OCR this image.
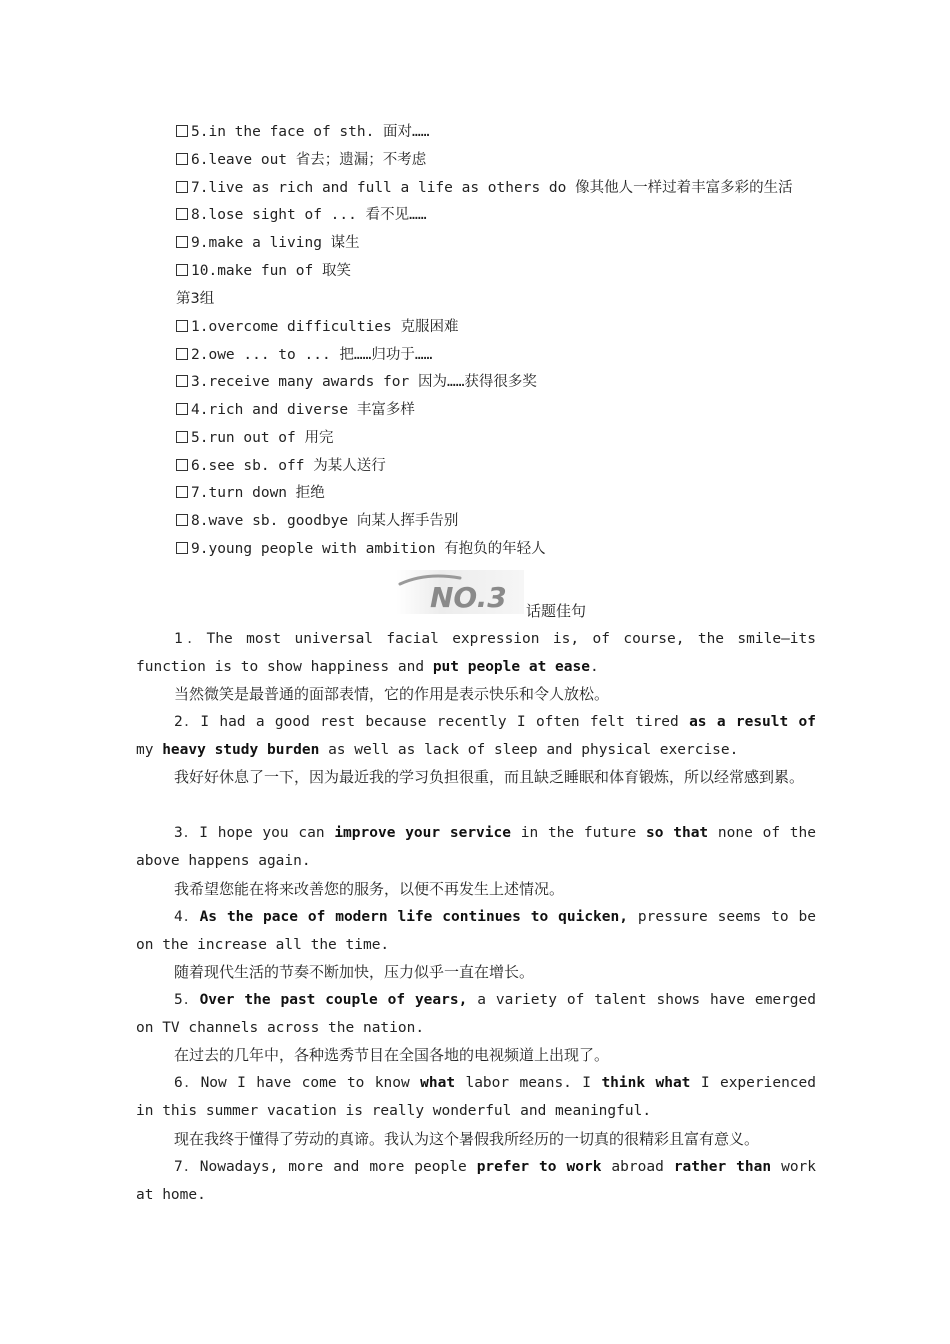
5.in the face of sth. 面对……
6.leave out 省去；遗漏；不考虑
7.live as rich and full a life as others do 像其他人一样过着丰富多彩的生活
8.lose sight of ... 看不见……
9.make a living 谋生
10.make fun of 取笑
第3组
1.overcome difficulties 克服困难
2.owe ... to ... 把……归功于……
3.receive many awards for 因为……获得很多奖
4.rich and diverse 丰富多样
5.run out of 用完
6.see sb. off 为某人送行
7.turn down 拒绝
8.wave sb. goodbye 向某人挥手告别
9.young people with ambition 有抱负的年轻人
NO.3 话题佳句
1．The most universal facial expression is, of course, the smile—its function is to show happiness and put people at ease.
当然微笑是最普通的面部表情，它的作用是表示快乐和令人放松。
2．I had a good rest because recently I often felt tired as a result of my heavy study burden as well as lack of sleep and physical exercise.
我好好休息了一下，因为最近我的学习负担很重，而且缺乏睡眠和体育锻炼，所以经常感到累。
3．I hope you can improve your service in the future so that none of the above happens again.
我希望您能在将来改善您的服务，以便不再发生上述情况。
4．As the pace of modern life continues to quicken, pressure seems to be on the increase all the time.
随着现代生活的节奏不断加快，压力似乎一直在增长。
5．Over the past couple of years, a variety of talent shows have emerged on TV channels across the nation.
在过去的几年中，各种选秀节目在全国各地的电视频道上出现了。
6．Now I have come to know what labor means. I think what I experienced in this summer vacation is really wonderful and meaningful.
现在我终于懂得了劳动的真谛。我认为这个暑假我所经历的一切真的很精彩且富有意义。
7．Nowadays, more and more people prefer to work abroad rather than work at home.
